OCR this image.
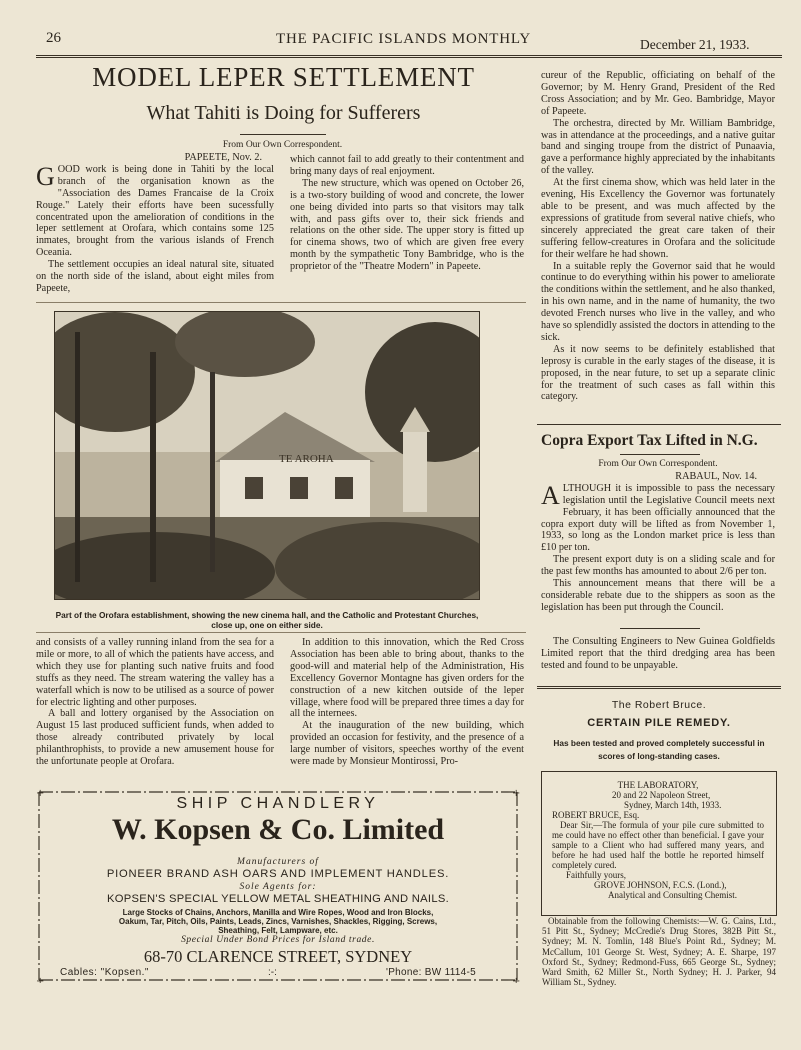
26	THE PACIFIC ISLANDS MONTHLY	December 21, 1933.
MODEL LEPER SETTLEMENT
What Tahiti is Doing for Sufferers
From Our Own Correspondent.
PAPEETE, Nov. 2.
G OOD work is being done in Tahiti by the local branch of the organisation known as the "Association des Dames Francaise de la Croix Rouge." Lately their efforts have been sucessfully concentrated upon the amelioration of conditions in the leper settlement at Orofara, which contains some 125 inmates, brought from the various islands of French Oceania.

The settlement occupies an ideal natural site, situated on the north side of the island, about eight miles from Papeete,

which cannot fail to add greatly to their contentment and bring many days of real enjoyment.

The new structure, which was opened on October 26, is a two-story building of wood and concrete, the lower one being divided into parts so that visitors may talk with, and pass gifts over to, their sick friends and relations on the other side. The upper story is fitted up for cinema shows, two of which are given free every month by the sympathetic Tony Bambridge, who is the proprietor of the "Theatre Modern" in Papeete.

TE AROHA
Part of the Orofara establishment, showing the new cinema hall, and the Catholic and Protestant Churches, close up, one on either side.

and consists of a valley running inland from the sea for a mile or more, to all of which the patients have access, and which they use for planting such native fruits and food stuffs as they need. The stream watering the valley has a waterfall which is now to be utilised as a source of power for electric lighting and other purposes.

A ball and lottery organised by the Association on August 15 last produced sufficient funds, when added to those already contributed privately by local philanthrophists, to provide a new amusement house for the unfortunate people at Orofara.

In addition to this innovation, which the Red Cross Association has been able to bring about, thanks to the good-will and material help of the Administration, His Excellency Governor Montagne has given orders for the construction of a new kitchen outside of the leper village, where food will be prepared three times a day for all the internees.

At the inauguration of the new building, which provided an occasion for festivity, and the presence of a large number of visitors, speeches worthy of the event were made by Monsieur Montirossi, Pro-

cureur of the Republic, officiating on behalf of the Governor; by M. Henry Grand, President of the Red Cross Association; and by Mr. Geo. Bambridge, Mayor of Papeete.

The orchestra, directed by Mr. William Bambridge, was in attendance at the proceedings, and a native guitar band and singing troupe from the district of Punaavia, gave a performance highly appreciated by the inhabitants of the valley.

At the first cinema show, which was held later in the evening, His Excellency the Governor was fortunately able to be present, and was much affected by the expressions of gratitude from several native chiefs, who sincerely appreciated the great care taken of their suffering fellow-creatures in Orofara and the solicitude for their welfare he had shown.

In a suitable reply the Governor said that he would continue to do everything within his power to ameliorate the conditions within the settlement, and he also thanked, in his own name, and in the name of humanity, the two devoted French nurses who live in the valley, and who have so splendidly assisted the doctors in attending to the sick.

As it now seems to be definitely established that leprosy is curable in the early stages of the disease, it is proposed, in the near future, to set up a separate clinic for the treatment of such cases as fall within this category.

Copra Export Tax Lifted in N.G.
From Our Own Correspondent.
RABAUL, Nov. 14.
A LTHOUGH it is impossible to pass the necessary legislation until the Legislative Council meets next February, it has been officially announced that the copra export duty will be lifted as from November 1, 1933, so long as the London market price is less than £10 per ton.

The present export duty is on a sliding scale and for the past few months has amounted to about 2/6 per ton.

This announcement means that there will be a considerable rebate due to the shippers as soon as the legislation has been put through the Council.

The Consulting Engineers to New Guinea Goldfields Limited report that the third dredging area has been tested and found to be unpayable.

The Robert Bruce.
CERTAIN PILE REMEDY.
Has been tested and proved completely successful in scores of long-standing cases.
THE LABORATORY,
20 and 22 Napoleon Street,
Sydney, March 14th, 1933.
ROBERT BRUCE, Esq.

Dear Sir,—The formula of your pile cure submitted to me could have no effect other than beneficial. I gave your sample to a Client who had suffered many years, and before he had used half the bottle he reported himself completely cured.

Faithfully yours,
GROVE JOHNSON, F.C.S. (Lond.),
Analytical and Consulting Chemist.

Obtainable from the following Chemists:—W. G. Cains, Ltd., 51 Pitt St., Sydney; McCredie's Drug Stores, 382B Pitt St., Sydney; M. N. Tomlin, 148 Blue's Point Rd., Sydney; M. McCallum, 101 George St. West, Sydney; A. E. Sharpe, 197 Oxford St., Sydney; Redmond-Fuss, 665 George St., Sydney; Ward Smith, 62 Miller St., North Sydney; H. J. Parker, 94 William St., Sydney.

+	+
+	+
SHIP CHANDLERY
W. Kopsen & Co. Limited
Manufacturers of
PIONEER BRAND ASH OARS AND IMPLEMENT HANDLES.
Sole Agents for:
KOPSEN'S SPECIAL YELLOW METAL SHEATHING AND NAILS.
Large Stocks of Chains, Anchors, Manilla and Wire Ropes, Wood and Iron Blocks, Oakum, Tar, Pitch, Oils, Paints, Leads, Zincs, Varnishes, Shackles, Rigging, Screws, Sheathing, Felt, Lampware, etc.
Special Under Bond Prices for Island trade.
68-70 CLARENCE STREET, SYDNEY
Cables: "Kopsen."	:-:	'Phone: BW 1114-5
